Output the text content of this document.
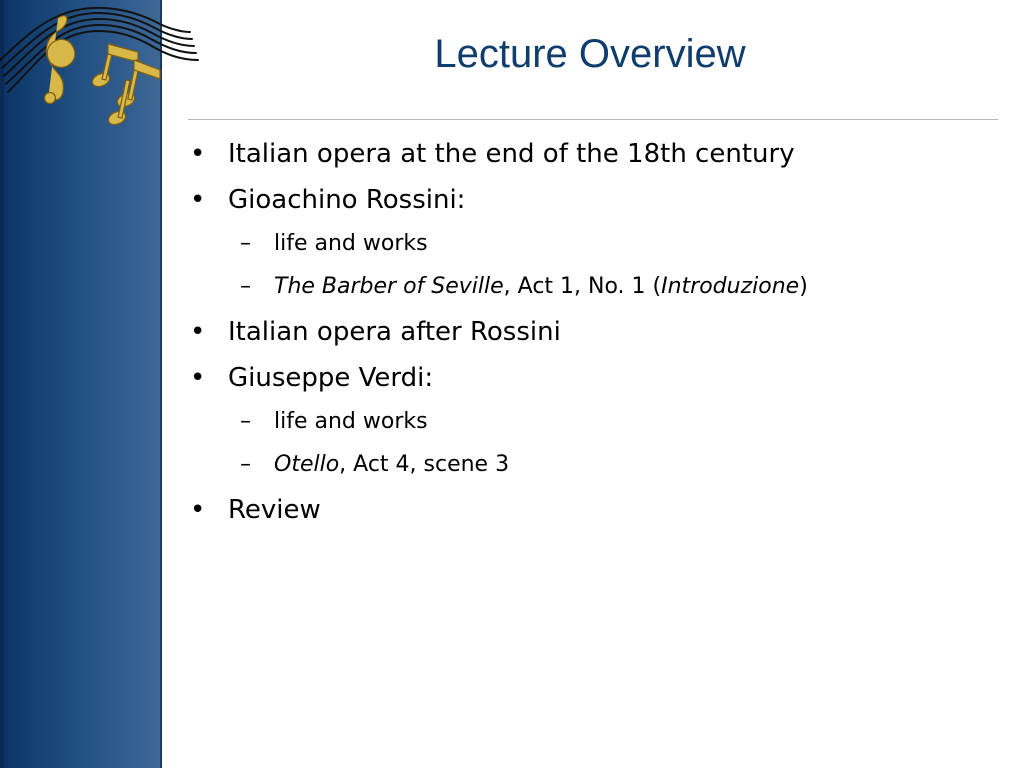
Lecture Overview
• Italian opera at the end of the 18th century
• Gioachino Rossini:
–	life and works
–	The Barber of Seville, Act 1, No. 1 (Introduzione)
• Italian opera after Rossini
• Giuseppe Verdi:
–	life and works
–	Otello, Act 4, scene 3
• Review
